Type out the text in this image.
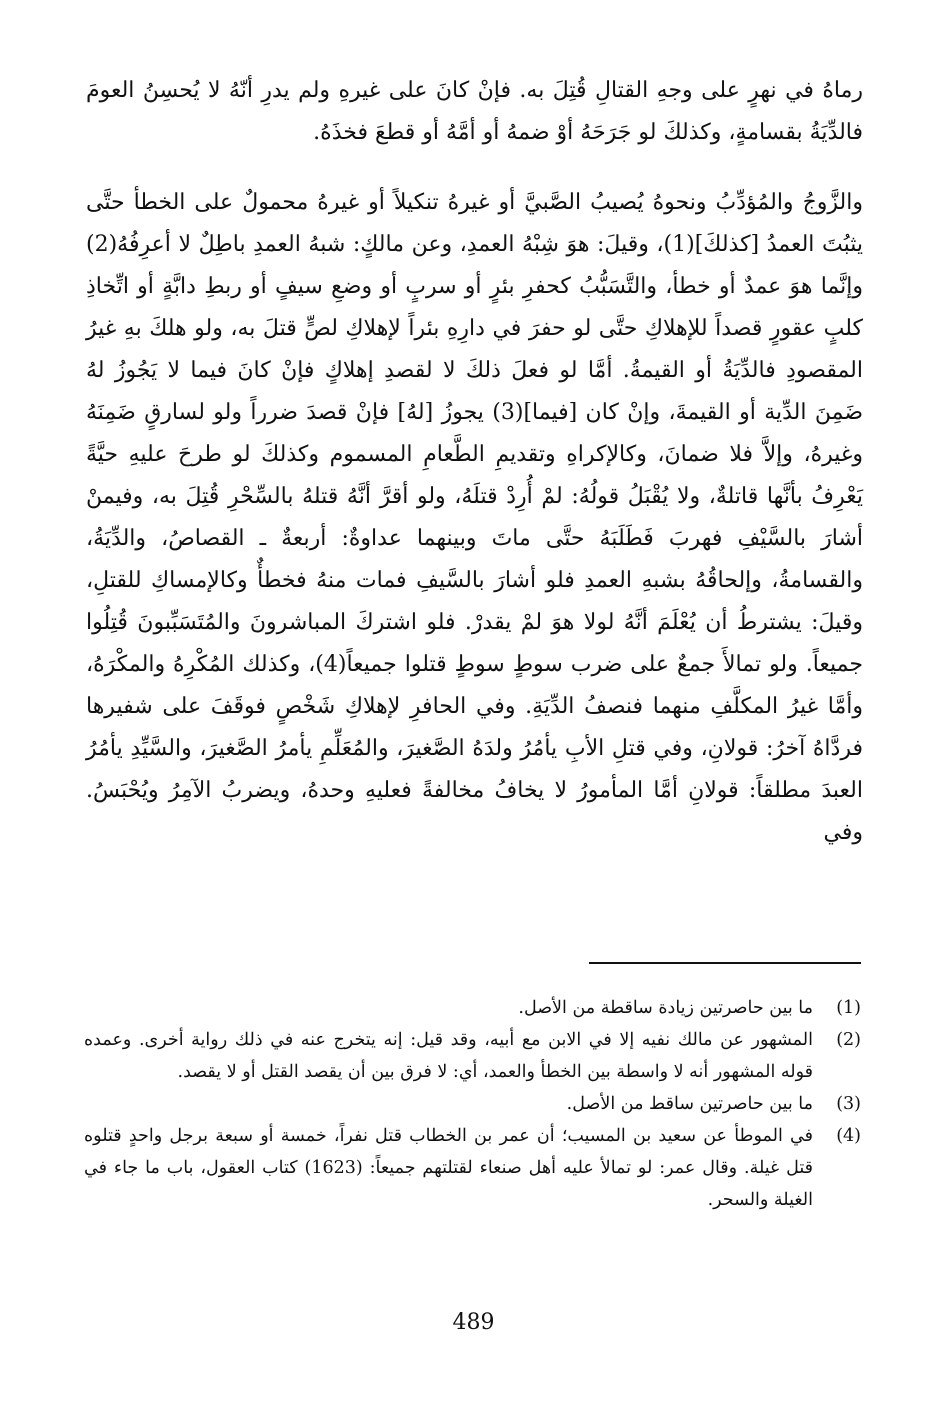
رماهُ في نهرٍ على وجهِ القتالِ قُتِلَ به. فإنْ كانَ على غيرهِ ولم يدرِ أنّهُ لا يُحسِنُ العومَ فالدِّيَةُ بقسامةٍ، وكذلكَ لو جَرَحَهُ أوْ ضمهُ أو أمَّهُ أو قطعَ فخذَهُ.

والزَّوجُ والمُؤدِّبُ ونحوهُ يُصيبُ الصَّبيَّ أو غيرهُ تنكيلاً أو غيرهُ محمولٌ على الخطأ حتَّى يثبُتَ العمدُ [كذلكَ](1)، وقيلَ: هوَ شِبْهُ العمدِ، وعن مالكٍ: شبهُ العمدِ باطِلٌ لا أعرِفُهُ(2) وإنَّما هوَ عمدٌ أو خطأ، والتَّسَبُّبُ كحفرِ بئرٍ أو سربٍ أو وضعِ سيفٍ أو ربطِ دابَّةٍ أو اتِّخاذِ كلبٍ عقورٍ قصداً للإهلاكِ حتَّى لو حفرَ في دارِهِ بئراً لإهلاكِ لصٍّ قتلَ به، ولو هلكَ بهِ غيرُ المقصودِ فالدِّيَةُ أو القيمةُ. أمَّا لو فعلَ ذلكَ لا لقصدِ إهلاكٍ فإنْ كانَ فيما لا يَجُوزُ لهُ ضَمِنَ الدِّية أو القيمةَ، وإنْ كان [فيما](3) يجوزُ [لهُ] فإنْ قصدَ ضرراً ولو لسارقٍ ضَمِنَهُ وغيرهُ، وإلاَّ فلا ضمانَ، وكالإكراهِ وتقديمِ الطَّعامِ المسموم وكذلكَ لو طرحَ عليهِ حيَّةً يَعْرِفُ بأنَّها قاتلةٌ، ولا يُقْبَلُ قولُهُ: لمْ أُرِدْ قتلَهُ، ولو أقرَّ أنَّهُ قتلهُ بالسِّحْرِ قُتِلَ به، وفيمنْ أشارَ بالسَّيْفِ فهربَ فَطَلَبَهُ حتَّى ماتَ وبينهما عداوةٌ: أربعةٌ ـ القصاصُ، والدِّيَةُ، والقسامةُ، وإلحاقُهُ بشبهِ العمدِ فلو أشارَ بالسَّيفِ فمات منهُ فخطأٌ وكالإمساكِ للقتلِ، وقيلَ: يشترطُ أن يُعْلَمَ أنَّهُ لولا هوَ لمْ يقدرْ. فلو اشتركَ المباشرونَ والمُتَسَبِّبونَ قُتِلُوا جميعاً. ولو تمالأَ جمعٌ على ضرب سوطٍ سوطٍ قتلوا جميعاً(4)، وكذلك المُكْرِهُ والمكْرَهُ، وأمَّا غيرُ المكلَّفِ منهما فنصفُ الدِّيَةِ. وفي الحافرِ لإهلاكِ شَخْصٍ فوقَفَ على شفيرها فردَّاهُ آخرُ: قولانِ، وفي قتلِ الأبِ يأمُرُ ولدَهُ الصَّغيرَ، والمُعَلِّمِ يأمرُ الصَّغيرَ، والسَّيِّدِ يأمُرُ العبدَ مطلقاً: قولانِ أمَّا المأمورُ لا يخافُ مخالفةً فعليهِ وحدهُ، ويضربُ الآمِرُ ويُحْبَسُ. وفي

(1)
ما بين حاصرتين زيادة ساقطة من الأصل.
(2)
المشهور عن مالك نفيه إلا في الابن مع أبيه، وقد قيل: إنه يتخرج عنه في ذلك رواية أخرى. وعمده قوله المشهور أنه لا واسطة بين الخطأ والعمد، أي: لا فرق بين أن يقصد القتل أو لا يقصد.
(3)
ما بين حاصرتين ساقط من الأصل.
(4)
في الموطأ عن سعيد بن المسيب؛ أن عمر بن الخطاب قتل نفراً، خمسة أو سبعة برجل واحدٍ قتلوه قتل غيلة. وقال عمر: لو تمالأ عليه أهل صنعاء لقتلتهم جميعاً: (1623) كتاب العقول، باب ما جاء في الغيلة والسحر.
489
